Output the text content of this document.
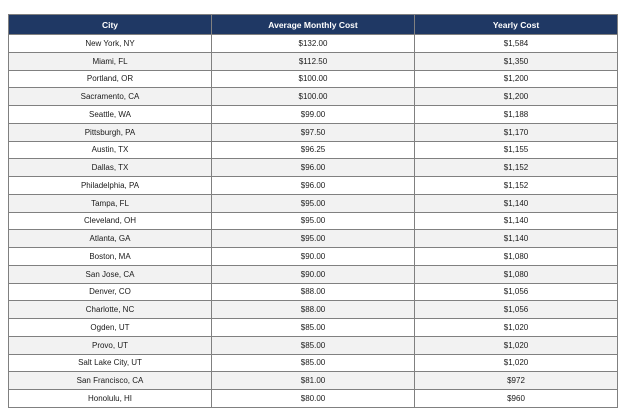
City	Average Monthly Cost	Yearly Cost
New York, NY	$132.00	$1,584
Miami, FL	$112.50	$1,350
Portland, OR	$100.00	$1,200
Sacramento, CA	$100.00	$1,200
Seattle, WA	$99.00	$1,188
Pittsburgh, PA	$97.50	$1,170
Austin, TX	$96.25	$1,155
Dallas, TX	$96.00	$1,152
Philadelphia, PA	$96.00	$1,152
Tampa, FL	$95.00	$1,140
Cleveland, OH	$95.00	$1,140
Atlanta, GA	$95.00	$1,140
Boston, MA	$90.00	$1,080
San Jose, CA	$90.00	$1,080
Denver, CO	$88.00	$1,056
Charlotte, NC	$88.00	$1,056
Ogden, UT	$85.00	$1,020
Provo, UT	$85.00	$1,020
Salt Lake City, UT	$85.00	$1,020
San Francisco, CA	$81.00	$972
Honolulu, HI	$80.00	$960
